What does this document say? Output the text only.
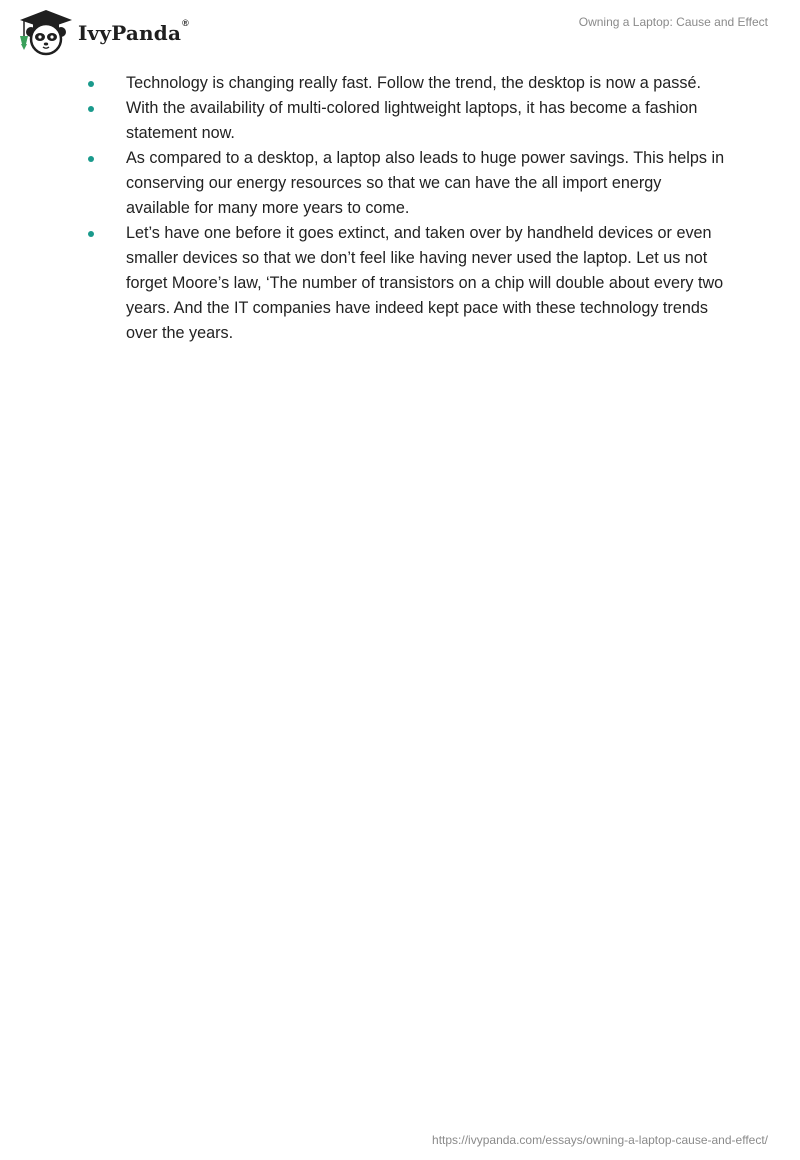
IvyPanda ®	Owning a Laptop: Cause and Effect
Technology is changing really fast. Follow the trend, the desktop is now a passé.
With the availability of multi-colored lightweight laptops, it has become a fashion statement now.
As compared to a desktop, a laptop also leads to huge power savings. This helps in conserving our energy resources so that we can have the all import energy available for many more years to come.
Let’s have one before it goes extinct, and taken over by handheld devices or even smaller devices so that we don’t feel like having never used the laptop. Let us not forget Moore’s law, ‘The number of transistors on a chip will double about every two years. And the IT companies have indeed kept pace with these technology trends over the years.
https://ivypanda.com/essays/owning-a-laptop-cause-and-effect/
